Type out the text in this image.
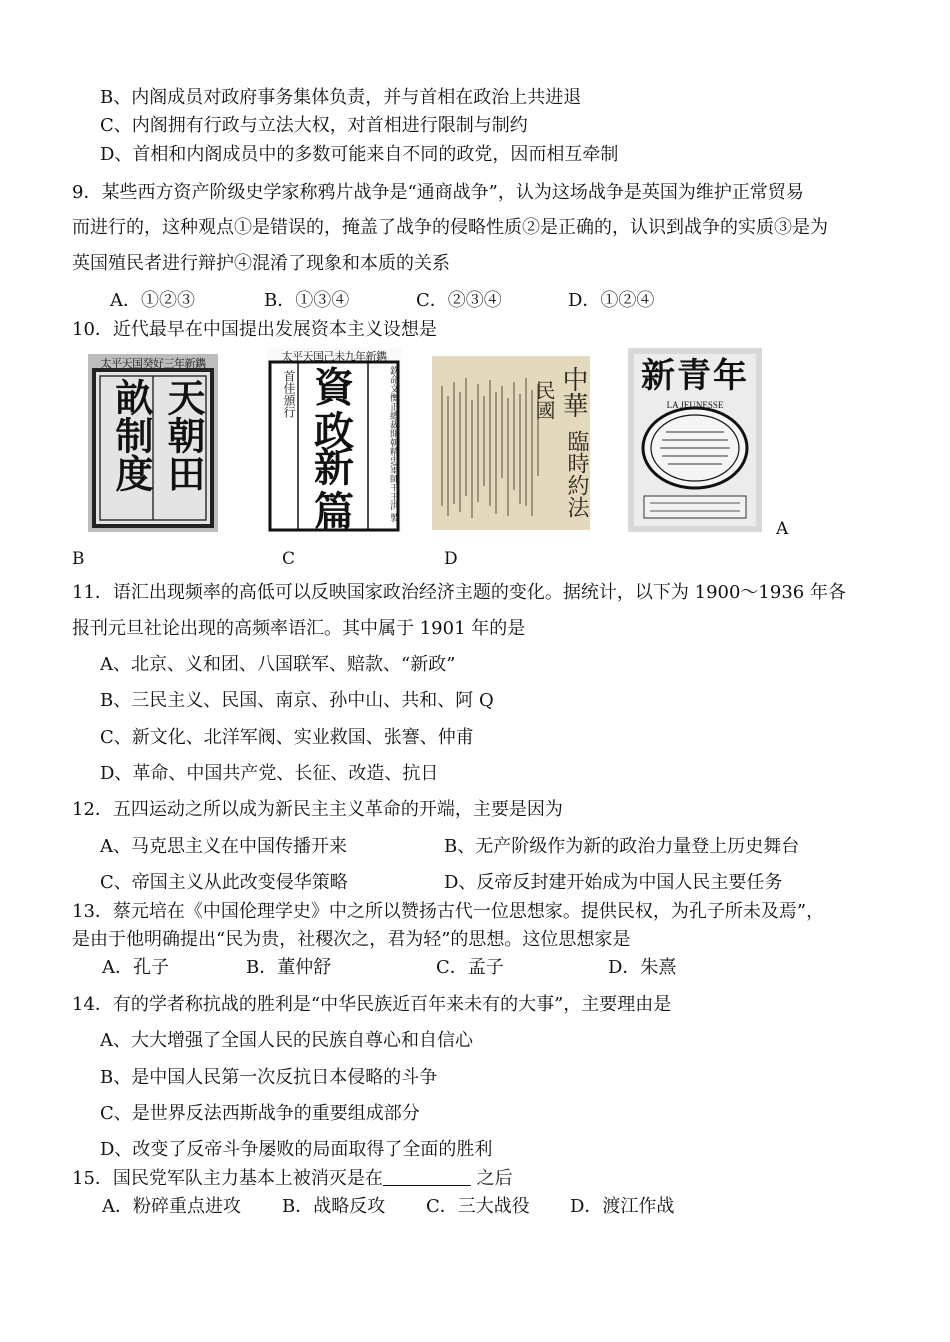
B、内阁成员对政府事务集体负责，并与首相在政治上共进退
C、内阁拥有行政与立法大权，对首相进行限制与制约
D、首相和内阁成员中的多数可能来自不同的政党，因而相互牵制
9．某些西方资产阶级史学家称鸦片战争是“通商战争”，认为这场战争是英国为维护正常贸易
而进行的，这种观点①是错误的，掩盖了战争的侵略性质②是正确的，认识到战争的实质③是为
英国殖民者进行辩护④混淆了现象和本质的关系
A．①②③	B．①③④	C．②③④	D．①②④
10．近代最早在中国提出发展资本主义设想是
太平天国癸好三年新鐫
天朝田
畝制度
B
太平天国己未九年新鐫
首佳頒行 資政
新篇	欽命文衡正總裁開朝精忠軍師干王洪 製
C
中華
民國
臨時約法
D
新青年
LA JEUNESSE
A
11．语汇出现频率的高低可以反映国家政治经济主题的变化。据统计，以下为 1900～1936 年各
报刊元旦社论出现的高频率语汇。其中属于 1901 年的是
A、北京、义和团、八国联军、赔款、“新政”
B、三民主义、民国、南京、孙中山、共和、阿 Q
C、新文化、北洋军阀、实业救国、张謇、仲甫
D、革命、中国共产党、长征、改造、抗日
12．五四运动之所以成为新民主主义革命的开端，主要是因为
A、马克思主义在中国传播开来	B、无产阶级作为新的政治力量登上历史舞台
C、帝国主义从此改变侵华策略	D、反帝反封建开始成为中国人民主要任务
13．蔡元培在《中国伦理学史》中之所以赞扬古代一位思想家。提供民权，为孔子所未及焉”，
是由于他明确提出“民为贵，社稷次之，君为轻”的思想。这位思想家是
A．孔子	B．董仲舒	C．孟子	D．朱熹
14．有的学者称抗战的胜利是“中华民族近百年来未有的大事”，主要理由是
A、大大增强了全国人民的民族自尊心和自信心
B、是中国人民第一次反抗日本侵略的斗争
C、是世界反法西斯战争的重要组成部分
D、改变了反帝斗争屡败的局面取得了全面的胜利
15．国民党军队主力基本上被消灭是在	之后
A．粉碎重点进攻 B．战略反攻 C．三大战役 D．渡江作战
